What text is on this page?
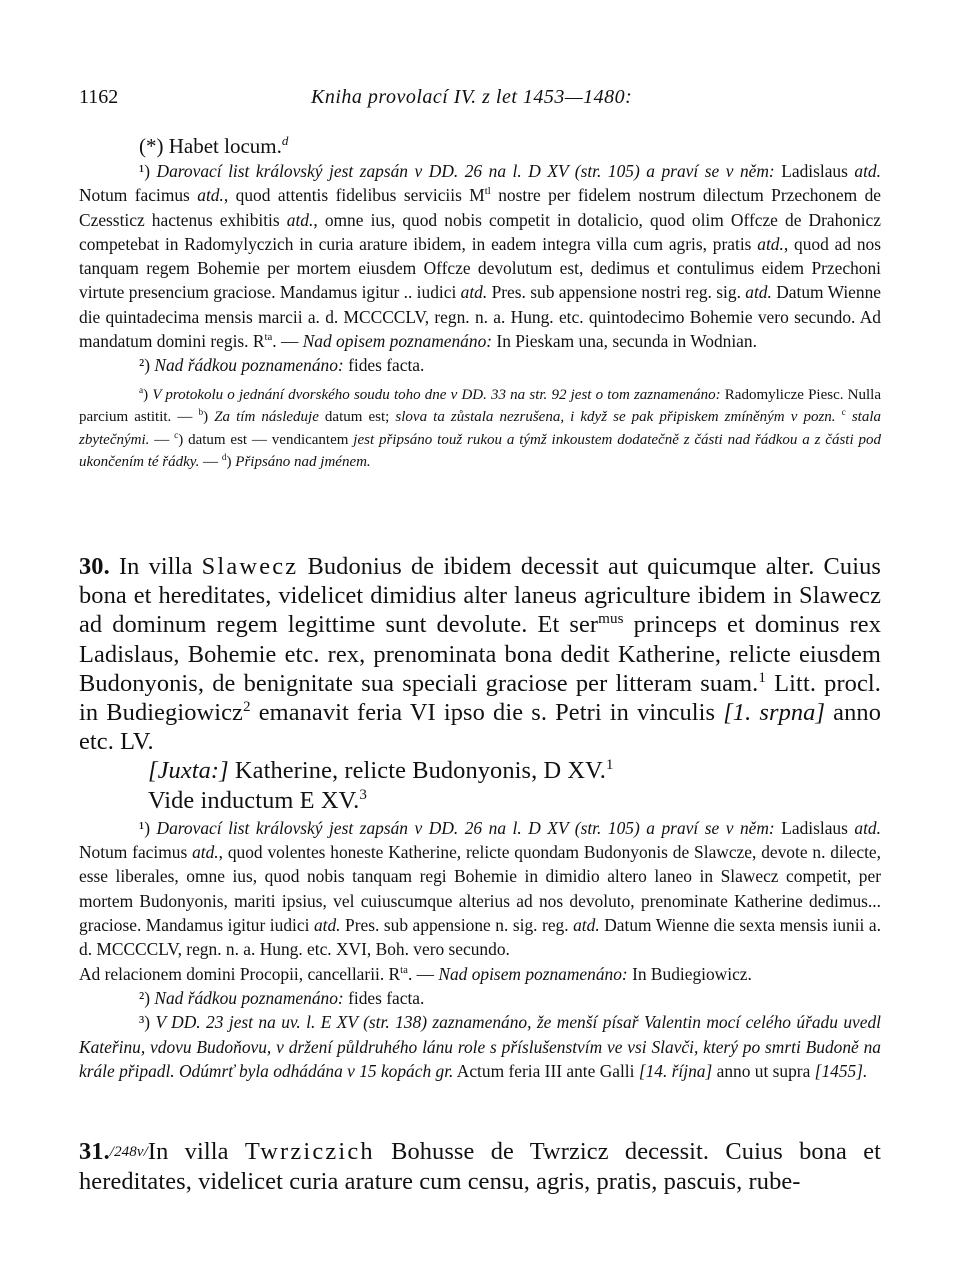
1162	Kniha provolací IV. z let 1453—1480:
(*) Habet locum.$^d$

¹) Darovací list královský jest zapsán v DD. 26 na l. D XV (str. 105) a praví se v něm: Ladislaus atd. Notum facimus atd., quod attentis fidelibus serviciis $M^{tl}$ nostre per fidelem nostrum dilectum Przechonem de Czessticz hactenus exhibitis atd., omne ius, quod nobis competit in dotalicio, quod olim Offcze de Drahonicz competebat in Radomylyczich in curia arature ibidem, in eadem integra villa cum agris, pratis atd., quod ad nos tanquam regem Bohemie per mortem eiusdem Offcze devolutum est, dedimus et contulimus eidem Przechoni virtute presencium graciose. Mandamus igitur .. iudici atd. Pres. sub appensione nostri reg. sig. atd. Datum Wienne die quintadecima mensis marcii a. d. MCCCCLV, regn. n. a. Hung. etc. quintodecimo Bohemie vero secundo. Ad mandatum domini regis. $R^{ta}$. — Nad opisem poznamenáno: In Pieskam una, secunda in Wodnian.

²) Nad řádkou poznamenáno: fides facta.

$^a$) V protokolu o jednání dvorského soudu toho dne v DD. 33 na str. 92 jest o tom zaznamenáno: Radomylicze Piesc. Nulla parcium astitit. — $^b$) Za tím následuje datum est; slova ta zůstala nezrušena, i když se pak připiskem zmíněným v pozn. $^c$ stala zbytečnými. — $^c$) datum est — vendicantem jest připsáno touž rukou a týmž inkoustem dodatečně z části nad řádkou a z části pod ukončením té řádky. — $^d$) Připsáno nad jménem.

30. In villa Slawecz Budonius de ibidem decessit aut quicumque alter. Cuius bona et hereditates, videlicet dimidius alter laneus agriculture ibidem in Slawecz ad dominum regem legittime sunt devolute. Et ser$^{mus}$ princeps et dominus rex Ladislaus, Bohemie etc. rex, prenominata bona dedit Katherine, relicte eiusdem Budonyonis, de benignitate sua speciali graciose per litteram suam.$^1$ Litt. procl. in Budiegiowicz$^2$ emanavit feria VI ipso die s. Petri in vinculis [1. srpna] anno etc. LV.

[Juxta:] Katherine, relicte Budonyonis, D XV.$^1$

Vide inductum E XV.$^3$

¹) Darovací list královský jest zapsán v DD. 26 na l. D XV (str. 105) a praví se v něm: Ladislaus atd. Notum facimus atd., quod volentes honeste Katherine, relicte quondam Budonyonis de Slawcze, devote n. dilecte, esse liberales, omne ius, quod nobis tanquam regi Bohemie in dimidio altero laneo in Slawecz competit, per mortem Budonyonis, mariti ipsius, vel cuiuscumque alterius ad nos devoluto, prenominate Katherine dedimus... graciose. Mandamus igitur iudici atd. Pres. sub appensione n. sig. reg. atd. Datum Wienne die sexta mensis iunii a. d. MCCCCLV, regn. n. a. Hung. etc. XVI, Boh. vero secundo.

Ad relacionem domini Procopii, cancellarii. $R^{ta}$. — Nad opisem poznamenáno: In Budiegiowicz.

²) Nad řádkou poznamenáno: fides facta.

³) V DD. 23 jest na uv. l. E XV (str. 138) zaznamenáno, že menší písař Valentin mocí celého úřadu uvedl Kateřinu, vdovu Budoňovu, v držení půldruhého lánu role s příslušenstvím ve vsi Slavči, který po smrti Budoně na krále připadl. Odúmrť byla odhádána v 15 kopách gr. Actum feria III ante Galli [14. října] anno ut supra [1455].

31./248v/In villa Twrziczich Bohusse de Twrzicz decessit. Cuius bona et hereditates, videlicet curia arature cum censu, agris, pratis, pascuis, rube-
